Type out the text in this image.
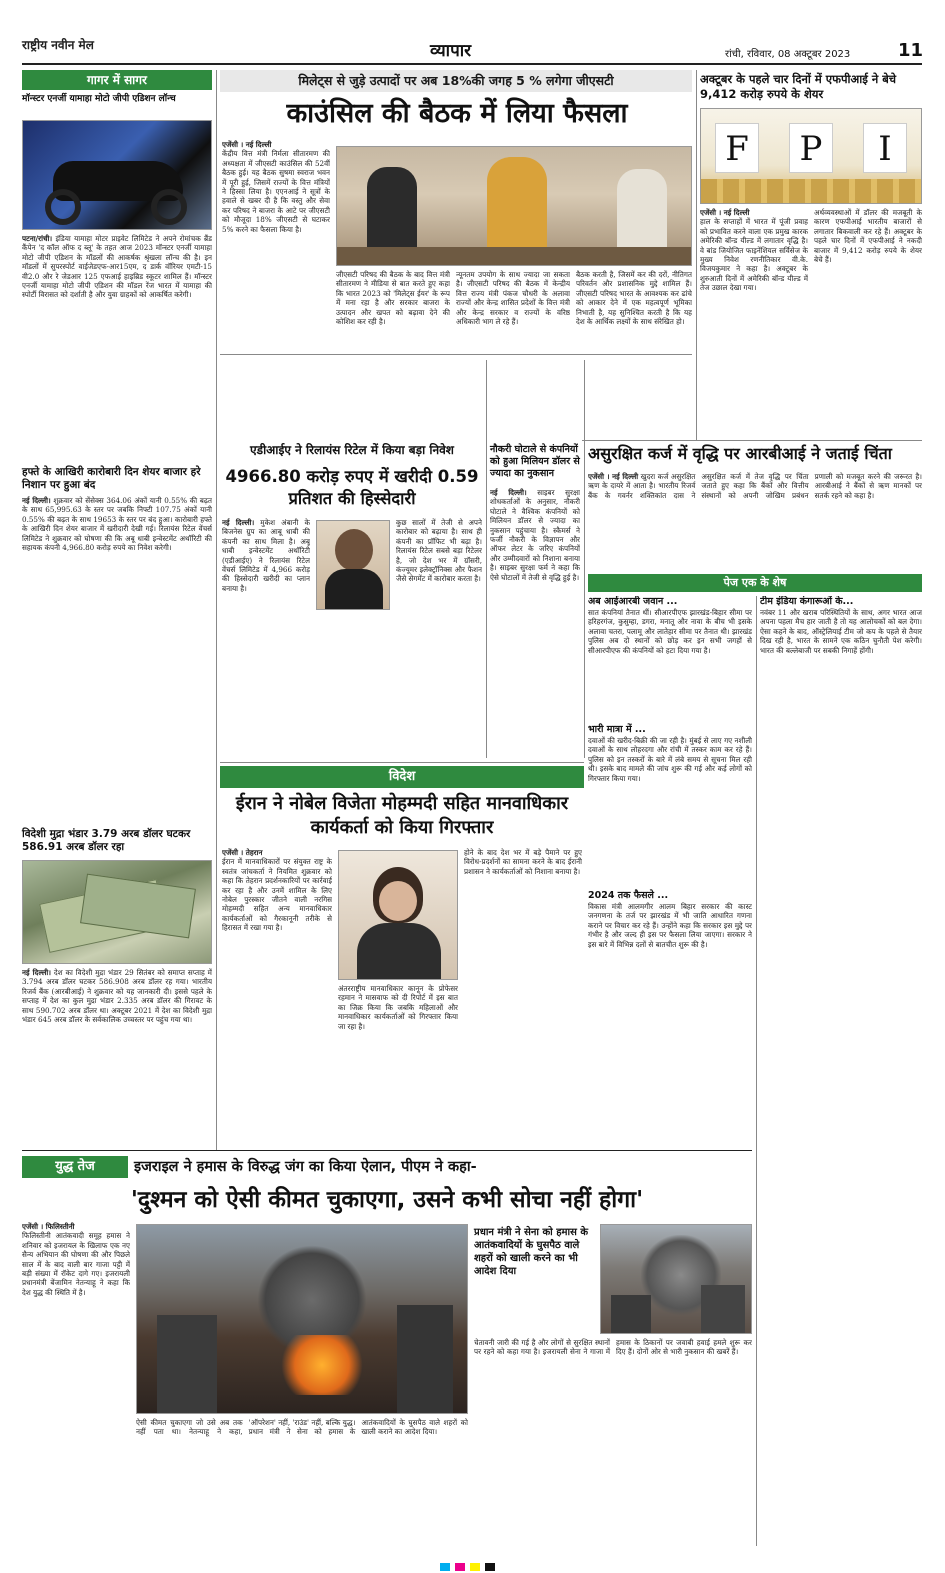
राष्ट्रीय नवीन मेल	व्यापार	रांची, रविवार, 08 अक्टूबर 2023	11
गागर में सागर
मॉन्स्टर एनर्जी यामाहा मोटो जीपी एडिशन लॉन्च
पटना/रांची। इंडिया यामाहा मोटर प्राइवेट लिमिटेड ने अपने रोमांचक ब्रैंड कैंपेन 'द कॉल ऑफ द ब्लू' के तहत आज 2023 मॉन्स्टर एनर्जी यामाहा मोटो जीपी एडिशन के मॉडलों की आकर्षक श्रृंखला लॉन्च की है। इन मॉडलों में सुपरस्पोर्ट वाईजेडएफ-आर15एम, द डार्क वॉरियर एमटी-15 वी2.0 और रे जेडआर 125 एफआई हाइब्रिड स्कूटर शामिल हैं। मॉन्स्टर एनर्जी यामाहा मोटो जीपी एडिशन की मॉडल रेंज भारत में यामाहा की स्पोर्टी विरासत को दर्शाती है और युवा ग्राहकों को आकर्षित करेगी।
हफ्ते के आखिरी कारोबारी दिन शेयर बाजार हरे निशान पर हुआ बंद
नई दिल्ली। शुक्रवार को सेंसेक्स 364.06 अंकों यानी 0.55% की बढ़त के साथ 65,995.63 के स्तर पर जबकि निफ्टी 107.75 अंकों यानी 0.55% की बढ़त के साथ 19653 के स्तर पर बंद हुआ। कारोबारी हफ्ते के आखिरी दिन शेयर बाजार में खरीदारी देखी गई। रिलायंस रिटेल वेंचर्स लिमिटेड ने शुक्रवार को घोषणा की कि अबू धाबी इन्वेस्टमेंट अथॉरिटी की सहायक कंपनी 4,966.80 करोड़ रुपये का निवेश करेगी।
विदेशी मुद्रा भंडार 3.79 अरब डॉलर घटकर 586.91 अरब डॉलर रहा
नई दिल्ली। देश का विदेशी मुद्रा भंडार 29 सितंबर को समाप्त सप्ताह में 3.794 अरब डॉलर घटकर 586.908 अरब डॉलर रह गया। भारतीय रिजर्व बैंक (आरबीआई) ने शुक्रवार को यह जानकारी दी। इससे पहले के सप्ताह में देश का कुल मुद्रा भंडार 2.335 अरब डॉलर की गिरावट के साथ 590.702 अरब डॉलर था। अक्टूबर 2021 में देश का विदेशी मुद्रा भंडार 645 अरब डॉलर के सर्वकालिक उच्चस्तर पर पहुंच गया था।
मिलेट्स से जुड़े उत्पादों पर अब 18%की जगह 5 % लगेगा जीएसटी
काउंसिल की बैठक में लिया फैसला
एजेंसी । नई दिल्ली
केंद्रीय वित्त मंत्री निर्मला सीतारमण की अध्यक्षता में जीएसटी काउंसिल की 52वीं बैठक हुई। यह बैठक सुषमा स्वराज भवन में पूरी हुई, जिसमें राज्यों के वित्त मंत्रियों ने हिस्सा लिया है। एएनआई ने सूत्रों के हवाले से खबर दी है कि वस्तु और सेवा कर परिषद ने बाजरा के आटे पर जीएसटी को मौजूदा 18% जीएसटी से घटाकर 5% करने का फैसला किया है।
जीएसटी परिषद की बैठक के बाद वित्त मंत्री सीतारमण ने मीडिया से बात करते हुए कहा कि भारत 2023 को 'मिलेट्स ईयर' के रूप में मना रहा है और सरकार बाजरा के उत्पादन और खपत को बढ़ावा देने की कोशिश कर रही है।
न्यूनतम उपयोग के साथ ज्यादा जा सकता है। जीएसटी परिषद की बैठक में केन्द्रीय वित्त राज्य मंत्री पंकज चौधरी के अलावा राज्यों और केन्द्र शासित प्रदेशों के वित्त मंत्री और केन्द्र सरकार व राज्यों के वरिष्ठ अधिकारी भाग ले रहे हैं।
बैठक करती है, जिसमें कर की दरों, नीतिगत परिवर्तन और प्रशासनिक मुद्दे शामिल हैं। जीएसटी परिषद भारत के आवश्यक कर ढांचे को आकार देने में एक महत्वपूर्ण भूमिका निभाती है, यह सुनिश्चित करती है कि यह देश के आर्थिक लक्ष्यों के साथ संरेखित हो।
अक्टूबर के पहले चार दिनों में एफपीआई ने बेचे 9,412 करोड़ रुपये के शेयर
F	P	I
एजेंसी । नई दिल्ली
हाल के सप्ताहों में भारत में पूंजी प्रवाह को प्रभावित करने वाला एक प्रमुख कारक अमेरिकी बॉन्ड यील्ड में लगातार वृद्धि है। वे बांड जियोजित फाइनेंशियल सर्विसेज के मुख्य निवेश रणनीतिकार वी.के. विजयकुमार ने कहा है। अक्टूबर के शुरुआती दिनों में अमेरिकी बॉन्ड यील्ड में तेज उछाल देखा गया।
अर्थव्यवस्थाओं में डॉलर की मजबूती के कारण एफपीआई भारतीय बाजारों से लगातार बिकवाली कर रहे हैं। अक्टूबर के पहले चार दिनों में एफपीआई ने नकदी बाजार में 9,412 करोड़ रुपये के शेयर बेचे हैं।
एडीआईए ने रिलायंस रिटेल में किया बड़ा निवेश
4966.80 करोड़ रुपए में खरीदी 0.59 प्रतिशत की हिस्सेदारी
नई दिल्ली। मुकेश अंबानी के बिजनेस ग्रुप का आबू धाबी की कंपनी का साथ मिला है। अबू धाबी इन्वेस्टमेंट अथॉरिटी (एडीआईए) ने रिलायंस रिटेल वेंचर्स लिमिटेड में 4,966 करोड़ की हिस्सेदारी खरीदी का प्लान बनाया है।
कुछ सालों में तेजी से अपने कारोबार को बढ़ाया है। साथ ही कंपनी का प्रॉफिट भी बढ़ा है। रिलायंस रिटेल सबसे बड़ा रिटेलर है, जो देश भर में ग्रॉसरी, कंज्यूमर इलेक्ट्रॉनिक्स और फैशन जैसे सेगमेंट में कारोबार करता है।
नौकरी घोटाले से कंपनियों को हुआ मिलियन डॉलर से ज्यादा का नुकसान
नई दिल्ली। साइबर सुरक्षा शोधकर्ताओं के अनुसार, नौकरी घोटाले ने वैश्विक कंपनियों को मिलियन डॉलर से ज्यादा का नुकसान पहुंचाया है। स्कैमर्स ने फर्जी नौकरी के विज्ञापन और ऑफर लेटर के जरिए कंपनियों और उम्मीदवारों को निशाना बनाया है। साइबर सुरक्षा फर्म ने कहा कि ऐसे घोटालों में तेजी से वृद्धि हुई है।
असुरक्षित कर्ज में वृद्धि पर आरबीआई ने जताई चिंता
एजेंसी । नई दिल्ली खुदरा कर्ज असुरक्षित ऋण के दायरे में आता है। भारतीय रिजर्व बैंक के गवर्नर शक्तिकांत दास ने असुरक्षित कर्ज में तेज वृद्धि पर चिंता जताते हुए कहा कि बैंकों और वित्तीय संस्थानों को अपनी जोखिम प्रबंधन प्रणाली को मजबूत करने की जरूरत है। आरबीआई ने बैंकों से ऋण मानकों पर सतर्क रहने को कहा है।
पेज एक के शेष
अब आईआरबी जवान ...
सात कंपनियां तैनात थीं। सीआरपीएफ झारखंड-बिहार सीमा पर हरिहरगंज, कुसुम्हा, डगरा, मनातू और नावा के बीच भी इसके अलावा चतरा, पलामू और लातेहार सीमा पर तैनात थी। झारखंड पुलिस अब दो स्थानों को छोड़ कर इन सभी जगहों से सीआरपीएफ की कंपनियों को हटा दिया गया है।
भारी मात्रा में ...
दवाओं की खरीद-बिक्री की जा रही है। मुंबई से लाए गए नशीली दवाओं के साथ लोहरदगा और रांची में तस्कर काम कर रहे हैं। पुलिस को इन तस्करों के बारे में लंबे समय से सूचना मिल रही थी। इसके बाद मामले की जांच शुरू की गई और कई लोगों को गिरफ्तार किया गया।
2024 तक फैसले ...
विकास मंत्री आलमगीर आलम बिहार सरकार की कास्ट जनगणना के तर्ज पर झारखंड में भी जाति आधारित गणना कराने पर विचार कर रहे हैं। उन्होंने कहा कि सरकार इस मुद्दे पर गंभीर है और जल्द ही इस पर फैसला लिया जाएगा। सरकार ने इस बारे में विभिन्न दलों से बातचीत शुरू की है।
टीम इंडिया कंगारूओं के...
नवंबर 11 और खराब परिस्थितियों के साथ, अगर भारत आज अपना पहला मैच हार जाती है तो यह आलोचकों को बल देगा। ऐसा कहने के बाद, ऑस्ट्रेलियाई टीम जो कप के पहले से तैयार दिख रही है, भारत के सामने एक कठिन चुनौती पेश करेगी। भारत की बल्लेबाजी पर सबकी निगाहें होंगी।
विदेश
ईरान ने नोबेल विजेता मोहम्मदी सहित मानवाधिकार कार्यकर्ता को किया गिरफ्तार
एजेंसी । तेहरान
ईरान में मानवाधिकारों पर संयुक्त राष्ट्र के स्वतंत्र जांचकर्ता ने नियमित शुक्रवार को कहा कि तेहरान प्रदर्शनकारियों पर कार्रवाई कर रहा है और उनमें शामिल के लिए नोबेल पुरस्कार जीतने वाली नरगिस मोहम्मदी सहित अन्य मानवाधिकार कार्यकर्ताओं को गैरकानूनी तरीके से हिरासत में रखा गया है।
अंतरराष्ट्रीय मानवाधिकार कानून के प्रोफेसर रहमान ने मासवाफ को दी रिपोर्ट में इस बात का जिक्र किया कि जबकि महिलाओं और मानवाधिकार कार्यकर्ताओं को गिरफ्तार किया जा रहा है।
होने के बाद देश भर में बड़े पैमाने पर हुए विरोध-प्रदर्शनों का सामना करने के बाद ईरानी प्रशासन ने कार्यकर्ताओं को निशाना बनाया है।
युद्ध तेज	इजराइल ने हमास के विरुद्ध जंग का किया ऐलान, पीएम ने कहा-
'दुश्मन को ऐसी कीमत चुकाएगा, उसने कभी सोचा नहीं होगा'
एजेंसी । फिलिस्तीनी
फिलिस्तीनी आतंकवादी समूह हमास ने शनिवार को इजरायल के खिलाफ एक नए सैन्य अभियान की घोषणा की और पिछले साल में के बाद वाली बार गाजा पट्टी में बड़ी संख्या में रॉकेट दागे गए। इजरायली प्रधानमंत्री बेंजामिन नेतन्याहू ने कहा कि देश युद्ध की स्थिति में है।
ऐसी कीमत चुकाएगा जो उसे अब तक नहीं पता था। नेतन्याहू ने कहा, 'ऑपरेशन' नहीं, 'राउंड' नहीं, बल्कि युद्ध। प्रधान मंत्री ने सेना को हमास के आतंकवादियों के घुसपैठ वाले शहरों को खाली कराने का आदेश दिया।
प्रधान मंत्री ने सेना को हमास के आतंकवादियों के घुसपैठ वाले शहरों को खाली करने का भी आदेश दिया
चेतावनी जारी की गई है और लोगों से सुरक्षित स्थानों पर रहने को कहा गया है। इजरायली सेना ने गाजा में हमास के ठिकानों पर जवाबी हवाई हमले शुरू कर दिए हैं। दोनों ओर से भारी नुकसान की खबरें हैं।
